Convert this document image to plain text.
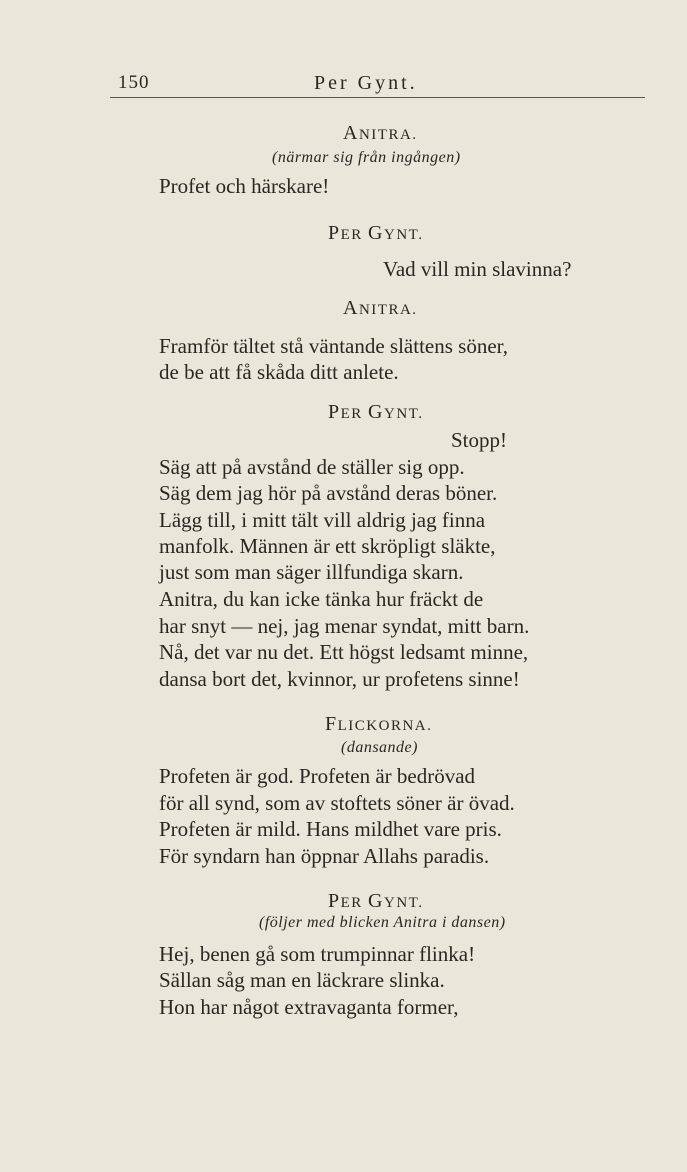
150	Per Gynt.
ANITRA.
(närmar sig från ingången)
Profet och härskare!
PER GYNT.
Vad vill min slavinna?
ANITRA.
Framför tältet stå väntande slättens söner,
de be att få skåda ditt anlete.
PER GYNT.
Stopp!
Säg att på avstånd de ställer sig opp.
Säg dem jag hör på avstånd deras böner.
Lägg till, i mitt tält vill aldrig jag finna
manfolk. Männen är ett skröpligt släkte,
just som man säger illfundiga skarn.
Anitra, du kan icke tänka hur fräckt de
har snyt — nej, jag menar syndat, mitt barn.
Nå, det var nu det. Ett högst ledsamt minne,
dansa bort det, kvinnor, ur profetens sinne!
FLICKORNA.
(dansande)
Profeten är god. Profeten är bedrövad
för all synd, som av stoftets söner är övad.
Profeten är mild. Hans mildhet vare pris.
För syndarn han öppnar Allahs paradis.
PER GYNT.
(följer med blicken Anitra i dansen)
Hej, benen gå som trumpinnar flinka!
Sällan såg man en läckrare slinka.
Hon har något extravaganta former,
